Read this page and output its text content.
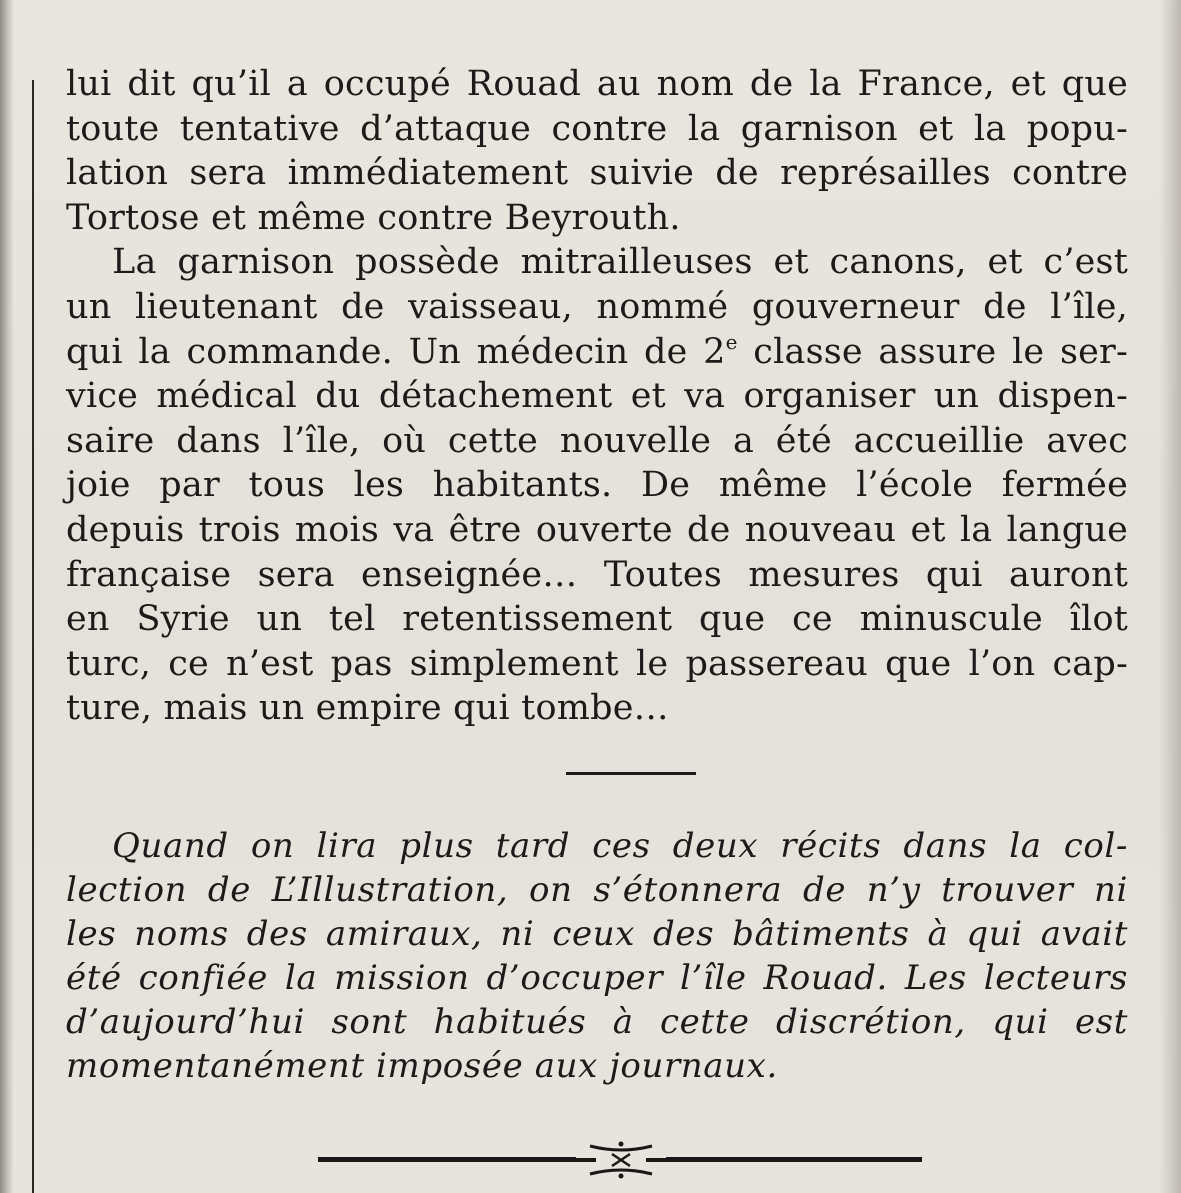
lui dit qu’il a occupé Rouad au nom de la France, et que
toute tentative d’attaque contre la garnison et la popu-
lation sera immédiatement suivie de représailles contre
Tortose et même contre Beyrouth.
La garnison possède mitrailleuses et canons, et c’est
un lieutenant de vaisseau, nommé gouverneur de l’île,
qui la commande. Un médecin de 2e classe assure le ser-
vice médical du détachement et va organiser un dispen-
saire dans l’île, où cette nouvelle a été accueillie avec
joie par tous les habitants. De même l’école fermée
depuis trois mois va être ouverte de nouveau et la langue
française sera enseignée… Toutes mesures qui auront
en Syrie un tel retentissement que ce minuscule îlot
turc, ce n’est pas simplement le passereau que l’on cap-
ture, mais un empire qui tombe…
Quand on lira plus tard ces deux récits dans la col-
lection de L’Illustration, on s’étonnera de n’y trouver ni
les noms des amiraux, ni ceux des bâtiments à qui avait
été confiée la mission d’occuper l’île Rouad. Les lecteurs
d’aujourd’hui sont habitués à cette discrétion, qui est
momentanément imposée aux journaux.
